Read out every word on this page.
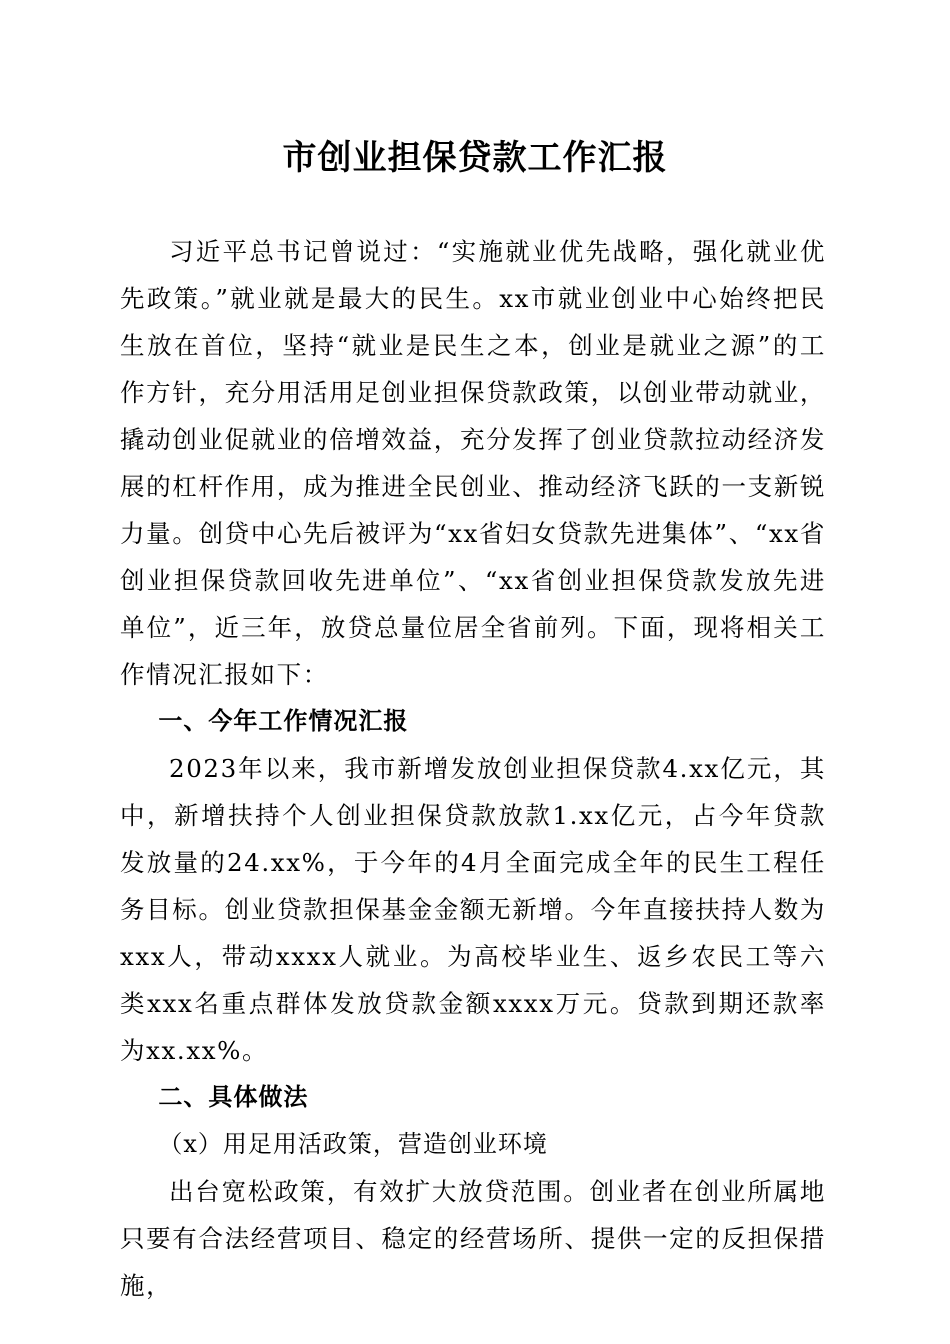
市创业担保贷款工作汇报

习近平总书记曾说过：“实施就业优先战略，强化就业优先政策。”就业就是最大的民生。xx市就业创业中心始终把民生放在首位，坚持“就业是民生之本，创业是就业之源”的工作方针，充分用活用足创业担保贷款政策，以创业带动就业，撬动创业促就业的倍增效益，充分发挥了创业贷款拉动经济发展的杠杆作用，成为推进全民创业、推动经济飞跃的一支新锐力量。创贷中心先后被评为“xx省妇女贷款先进集体”、“xx省创业担保贷款回收先进单位”、“xx省创业担保贷款发放先进单位”，近三年，放贷总量位居全省前列。下面，现将相关工作情况汇报如下：

一、今年工作情况汇报

2023年以来，我市新增发放创业担保贷款4.xx亿元，其中，新增扶持个人创业担保贷款放款1.xx亿元，占今年贷款发放量的24.xx%，于今年的4月全面完成全年的民生工程任务目标。创业贷款担保基金金额无新增。今年直接扶持人数为xxx人，带动xxxx人就业。为高校毕业生、返乡农民工等六类xxx名重点群体发放贷款金额xxxx万元。贷款到期还款率为xx.xx%。

二、具体做法

（x）用足用活政策，营造创业环境

出台宽松政策，有效扩大放贷范围。创业者在创业所属地只要有合法经营项目、稳定的经营场所、提供一定的反担保措施，
